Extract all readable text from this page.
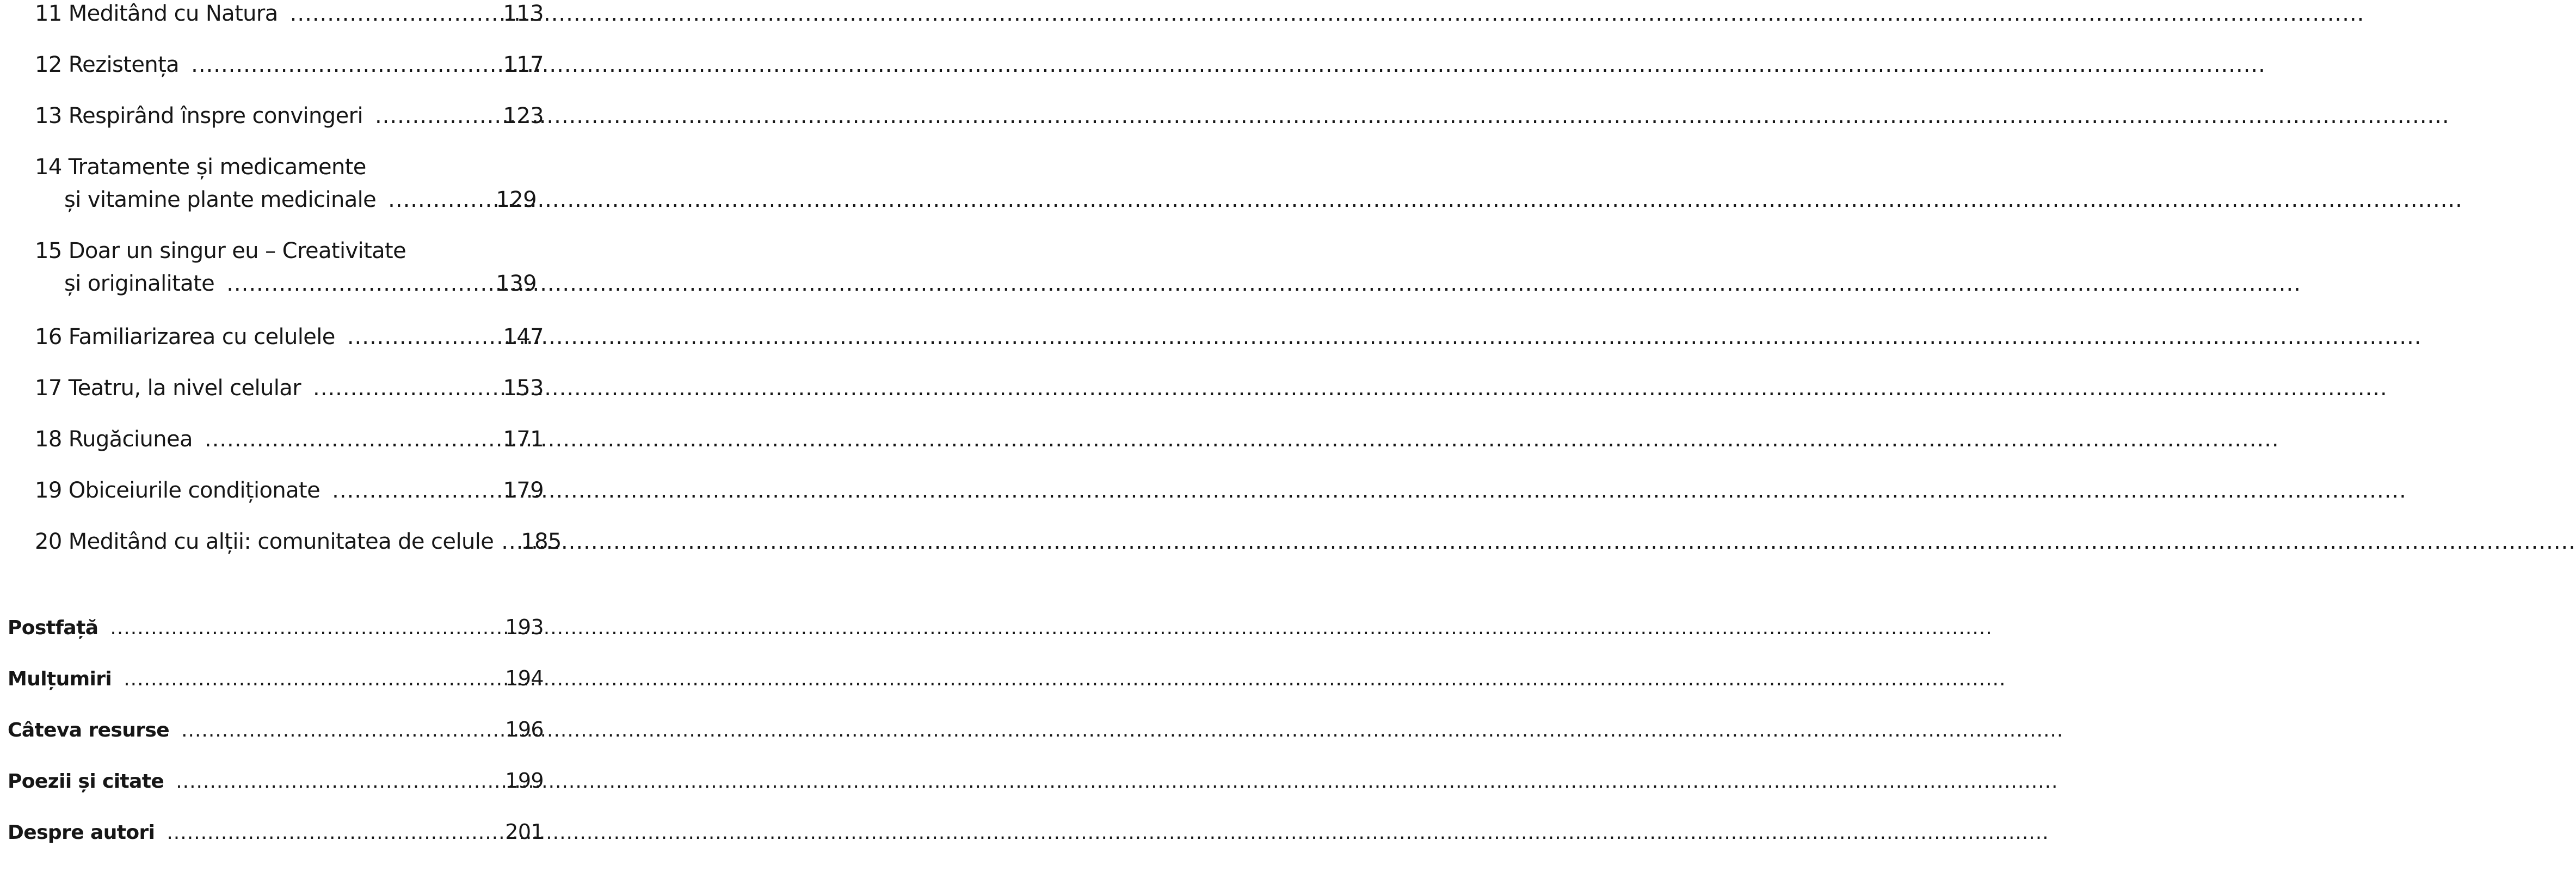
11 Meditând cu Natura .....	113
12 Rezistența .....	117
13 Respirând înspre convingeri .....	123
14 Tratamente și medicamente
și vitamine plante medicinale .....	129
15 Doar un singur eu – Creativitate
și originalitate .....	139
16 Familiarizarea cu celulele .....	147
17 Teatru, la nivel celular .....	153
18 Rugăciunea .....	171
19 Obiceiurile condiționate .....	179
20 Meditând cu alții: comunitatea de celule ..... 185
Postfață .....	193
Mulțumiri .....	194
Câteva resurse .....	196
Poezii și citate .....	199
Despre autori .....	201
